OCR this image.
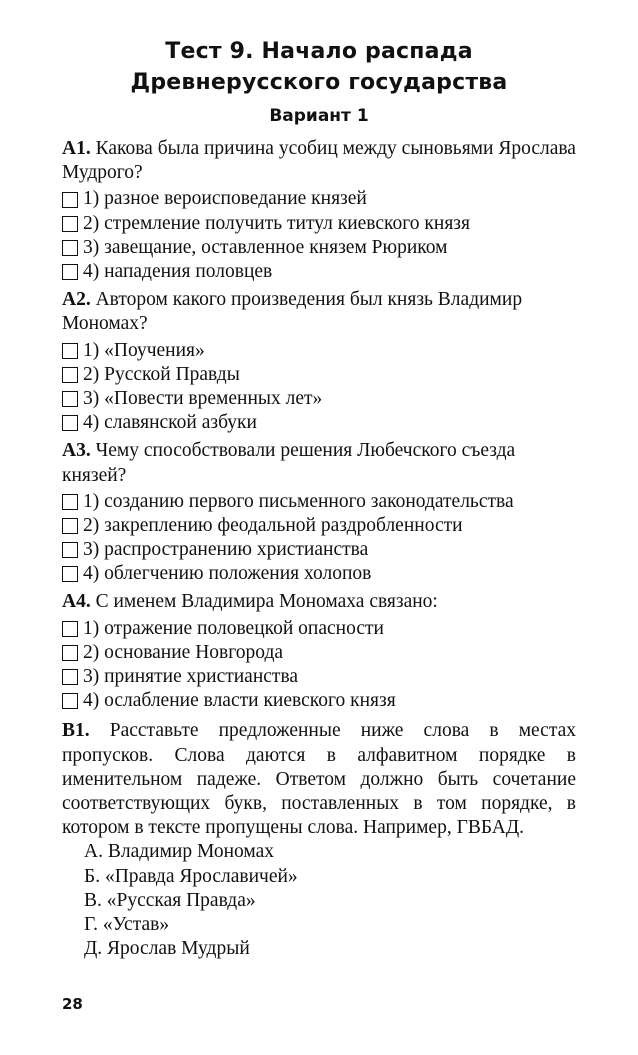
Тест 9. Начало распада
Древнерусского государства
Вариант 1
А1. Какова была причина усобиц между сыновьями Ярослава Мудрого?
1) разное вероисповедание князей
2) стремление получить титул киевского князя
3) завещание, оставленное князем Рюриком
4) нападения половцев
А2. Автором какого произведения был князь Владимир Мономах?
1) «Поучения»
2) Русской Правды
3) «Повести временных лет»
4) славянской азбуки
А3. Чему способствовали решения Любечского съезда князей?
1) созданию первого письменного законодательства
2) закреплению феодальной раздробленности
3) распространению христианства
4) облегчению положения холопов
А4. С именем Владимира Мономаха связано:
1) отражение половецкой опасности
2) основание Новгорода
3) принятие христианства
4) ослабление власти киевского князя
В1. Расставьте предложенные ниже слова в местах пропусков. Слова даются в алфавитном порядке в именительном падеже. Ответом должно быть сочетание соответствующих букв, поставленных в том порядке, в котором в тексте пропущены слова. Например, ГВБАД.
А. Владимир Мономах
Б. «Правда Ярославичей»
В. «Русская Правда»
Г. «Устав»
Д. Ярослав Мудрый
28
